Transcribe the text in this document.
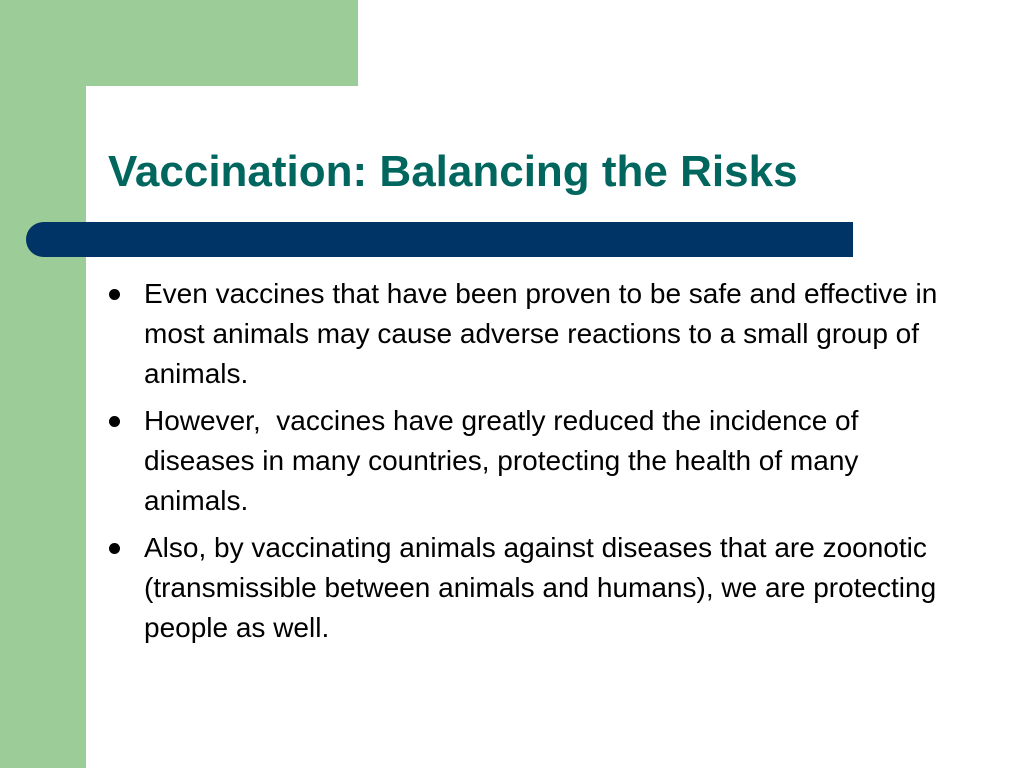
Vaccination: Balancing the Risks
Even vaccines that have been proven to be safe and effective in most animals may cause adverse reactions to a small group of animals.
However,  vaccines have greatly reduced the incidence of diseases in many countries, protecting the health of many animals.
Also, by vaccinating animals against diseases that are zoonotic (transmissible between animals and humans), we are protecting people as well.
